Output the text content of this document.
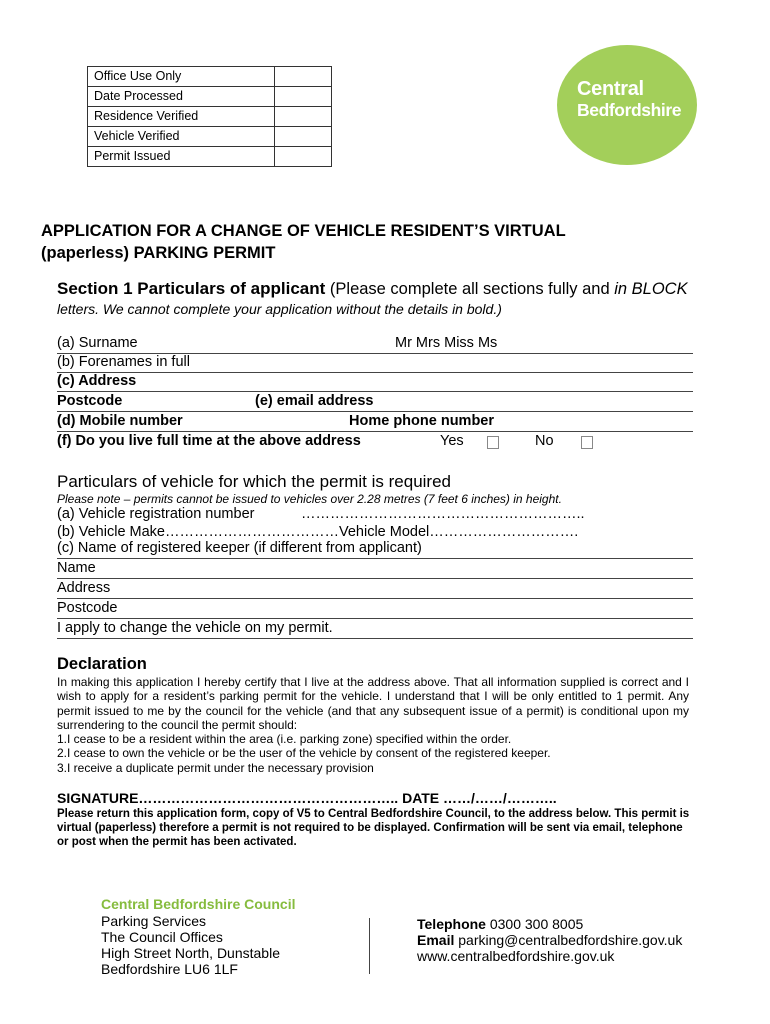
Office Use Only	
Date Processed	
Residence Verified	
Vehicle Verified	
Permit Issued	
Central
Bedfordshire
APPLICATION FOR A CHANGE OF VEHICLE RESIDENT’S VIRTUAL
(paperless) PARKING PERMIT
Section 1 Particulars of applicant (Please complete all sections fully and in BLOCK
letters. We cannot complete your application without the details in bold.)
(a) Surname	Mr Mrs Miss Ms
(b) Forenames in full
(c) Address
Postcode	(e) email address
(d) Mobile number	Home phone number
(f) Do you live full time at the above address	Yes	No
Particulars of vehicle for which the permit is required
Please note – permits cannot be issued to vehicles over 2.28 metres (7 feet 6 inches) in height.
(a) Vehicle registration number	…………………………………………………..
(b) Vehicle Make………………………………Vehicle Model………………………….
(c) Name of registered keeper (if different from applicant)
Name
Address
Postcode
I apply to change the vehicle on my permit.
Declaration
In making this application I hereby certify that I live at the address above. That all information supplied is correct and I wish to apply for a resident’s parking permit for the vehicle. I understand that I will be only entitled to 1 permit. Any permit issued to me by the council for the vehicle (and that any subsequent issue of a permit) is conditional upon my surrendering to the council the permit should:
1.I cease to be a resident within the area (i.e. parking zone) specified within the order.
2.I cease to own the vehicle or be the user of the vehicle by consent of the registered keeper.
3.I receive a duplicate permit under the necessary provision
SIGNATURE……………………………………………….. DATE ……/……/………..
Please return this application form, copy of V5 to Central Bedfordshire Council, to the address below. This permit is virtual (paperless) therefore a permit is not required to be displayed. Confirmation will be sent via email, telephone or post when the permit has been activated.
Central Bedfordshire Council
Parking Services
The Council Offices
High Street North, Dunstable
Bedfordshire LU6 1LF
Telephone 0300 300 8005
Email parking@centralbedfordshire.gov.uk
www.centralbedfordshire.gov.uk
